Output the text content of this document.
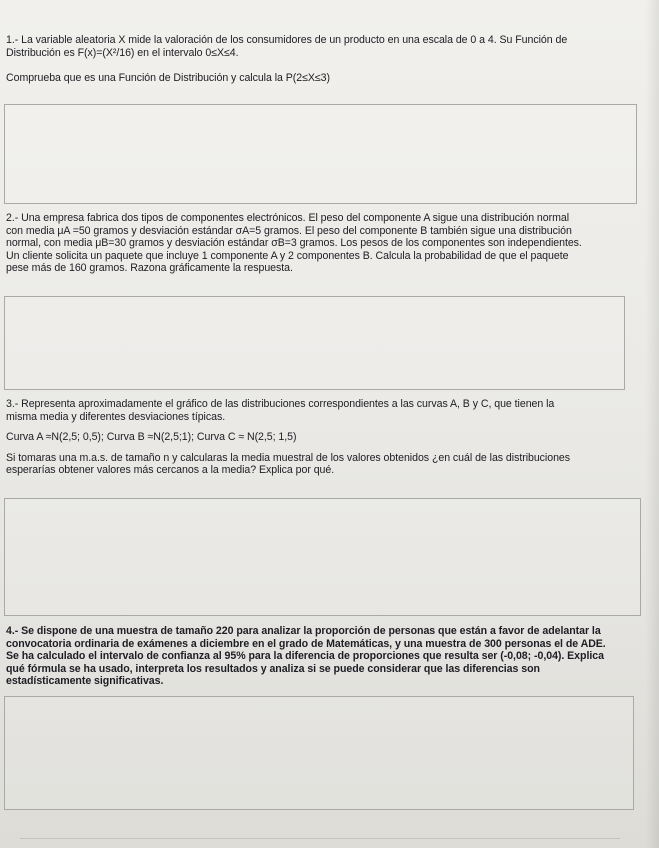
1.- La variable aleatoria X mide la valoración de los consumidores de un producto en una escala de 0 a 4. Su Función de

Distribución es F(x)=(X²/16) en el intervalo 0≤X≤4.

Comprueba que es una Función de Distribución y calcula la P(2≤X≤3)

2.- Una empresa fabrica dos tipos de componentes electrónicos. El peso del componente A sigue una distribución normal

con media μA =50 gramos y desviación estándar σA=5 gramos. El peso del componente B también sigue una distribución

normal, con media μB=30 gramos y desviación estándar σB=3 gramos. Los pesos de los componentes son independientes.

Un cliente solicita un paquete que incluye 1 componente A y 2 componentes B. Calcula la probabilidad de que el paquete

pese más de 160 gramos. Razona gráficamente la respuesta.

3.- Representa aproximadamente el gráfico de las distribuciones correspondientes a las curvas A, B y C, que tienen la

misma media y diferentes desviaciones típicas.

Curva A ≈N(2,5; 0,5); Curva B ≈N(2,5;1); Curva C ≈ N(2,5; 1,5)

Si tomaras una m.a.s. de tamaño n y calcularas la media muestral de los valores obtenidos ¿en cuál de las distribuciones

esperarías obtener valores más cercanos a la media? Explica por qué.

4.- Se dispone de una muestra de tamaño 220 para analizar la proporción de personas que están a favor de adelantar la

convocatoria ordinaria de exámenes a diciembre en el grado de Matemáticas, y una muestra de 300 personas el de ADE.

Se ha calculado el intervalo de confianza al 95% para la diferencia de proporciones que resulta ser (-0,08; -0,04). Explica

qué fórmula se ha usado, interpreta los resultados y analiza si se puede considerar que las diferencias son

estadísticamente significativas.
